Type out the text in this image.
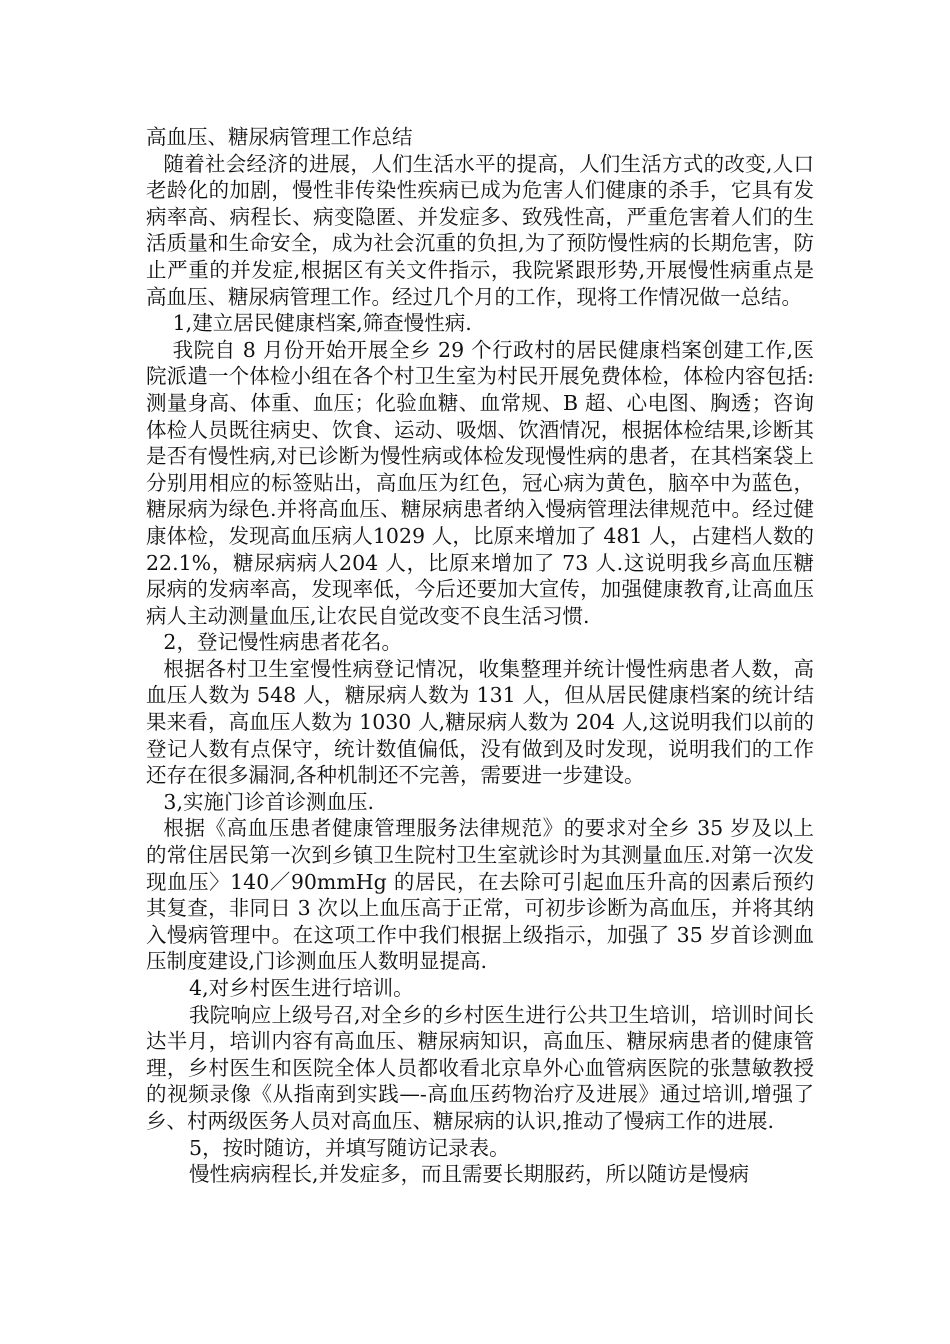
高血压、糖尿病管理工作总结

随着社会经济的进展，人们生活水平的提高，人们生活方式的改变,人口老龄化的加剧，慢性非传染性疾病已成为危害人们健康的杀手，它具有发病率高、病程长、病变隐匿、并发症多、致残性高，严重危害着人们的生活质量和生命安全，成为社会沉重的负担,为了预防慢性病的长期危害，防止严重的并发症,根据区有关文件指示，我院紧跟形势,开展慢性病重点是高血压、糖尿病管理工作。经过几个月的工作，现将工作情况做一总结。

1,建立居民健康档案,筛查慢性病.

我院自 8 月份开始开展全乡 29 个行政村的居民健康档案创建工作,医院派遣一个体检小组在各个村卫生室为村民开展免费体检，体检内容包括:测量身高、体重、血压；化验血糖、血常规、B 超、心电图、胸透；咨询体检人员既往病史、饮食、运动、吸烟、饮酒情况，根据体检结果,诊断其是否有慢性病,对已诊断为慢性病或体检发现慢性病的患者，在其档案袋上分别用相应的标签贴出，高血压为红色，冠心病为黄色，脑卒中为蓝色，糖尿病为绿色.并将高血压、糖尿病患者纳入慢病管理法律规范中。经过健康体检，发现高血压病人1029 人，比原来增加了 481 人，占建档人数的 22.1%，糖尿病病人204 人，比原来增加了 73 人.这说明我乡高血压糖尿病的发病率高，发现率低，今后还要加大宣传，加强健康教育,让高血压病人主动测量血压,让农民自觉改变不良生活习惯.

2，登记慢性病患者花名。

根据各村卫生室慢性病登记情况，收集整理并统计慢性病患者人数，高血压人数为 548 人，糖尿病人数为 131 人，但从居民健康档案的统计结果来看，高血压人数为 1030 人,糖尿病人数为 204 人,这说明我们以前的登记人数有点保守，统计数值偏低，没有做到及时发现，说明我们的工作还存在很多漏洞,各种机制还不完善，需要进一步建设。

3,实施门诊首诊测血压.

根据《高血压患者健康管理服务法律规范》的要求对全乡 35 岁及以上的常住居民第一次到乡镇卫生院村卫生室就诊时为其测量血压.对第一次发现血压〉140／90mmHg 的居民，在去除可引起血压升高的因素后预约其复查，非同日 3 次以上血压高于正常，可初步诊断为高血压，并将其纳入慢病管理中。在这项工作中我们根据上级指示，加强了 35 岁首诊测血压制度建设,门诊测血压人数明显提高.

4,对乡村医生进行培训。

我院响应上级号召,对全乡的乡村医生进行公共卫生培训，培训时间长达半月，培训内容有高血压、糖尿病知识，高血压、糖尿病患者的健康管理，乡村医生和医院全体人员都收看北京阜外心血管病医院的张慧敏教授的视频录像《从指南到实践—-高血压药物治疗及进展》通过培训,增强了乡、村两级医务人员对高血压、糖尿病的认识,推动了慢病工作的进展.

5，按时随访，并填写随访记录表。

慢性病病程长,并发症多，而且需要长期服药，所以随访是慢病
